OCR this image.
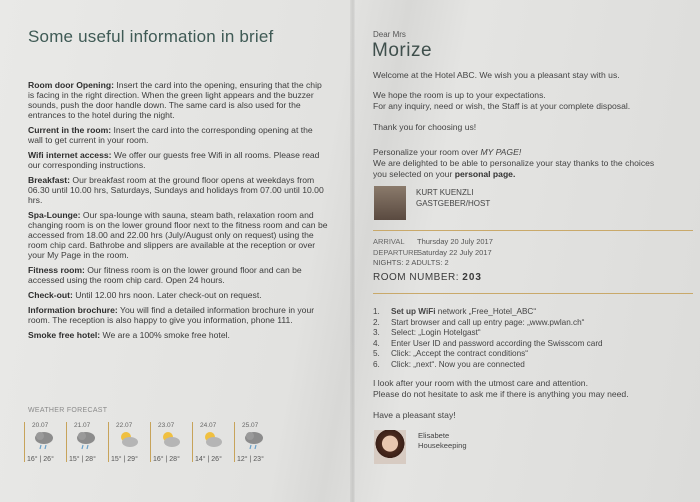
Some useful information in brief
Room door Opening: Insert the card into the opening, ensuring that the chip is facing in the right direction. When the green light appears and the buzzer sounds, push the door handle down. The same card is also used for the entrances to the hotel during the night.
Current in the room: Insert the card into the corresponding opening at the wall to get current in your room.
Wifi internet access: We offer our guests free Wifi in all rooms. Please read our corresponding instructions.
Breakfast: Our breakfast room at the ground floor opens at weekdays from 06.30 until 10.00 hrs, Saturdays, Sundays and holidays from 07.00 until 10.00 hrs.
Spa-Lounge: Our spa-lounge with sauna, steam bath, relaxation room and changing room is on the lower ground floor next to the fitness room and can be accessed from 18.00 and 22.00 hrs (July/August only on request) using the room chip card. Bathrobe and slippers are available at the reception or over your My Page in the room.
Fitness room: Our fitness room is on the lower ground floor and can be accessed using the room chip card. Open 24 hours.
Check-out: Until 12.00 hrs noon. Later check-out on request.
Information brochure: You will find a detailed information brochure in your room. The reception is also happy to give you information, phone 111.
Smoke free hotel: We are a 100% smoke free hotel.
WEATHER FORECAST
20.07
16° | 26°
21.07
15° | 28°
22.07
15° | 29°
23.07
16° | 28°
24.07
14° | 26°
25.07
12° | 23°
Dear Mrs
Morize
Welcome at the Hotel ABC. We wish you a pleasant stay with us.
We hope the room is up to your expectations.
For any inquiry, need or wish, the Staff is at your complete disposal.
Thank you for choosing us!
Personalize your room over MY PAGE!
We are delighted to be able to personalize your stay thanks to the choices
you selected on your personal page.
KURT KUENZLI
GASTGEBER/HOST
ARRIVAL Thursday 20 July 2017
DEPARTURESaturday 22 July 2017
NIGHTS: 2 ADULTS: 2
ROOM NUMBER: 203
1. Set up WiFi network „Free_Hotel_ABC“
2. Start browser and call up entry page: „www.pwlan.ch“
3. Select: „Login Hotelgast“
4. Enter User ID and password according the Swisscom card
5. Click: „Accept the contract conditions“
6. Click: „next“. Now you are connected
I look after your room with the utmost care and attention.
Please do not hesitate to ask me if there is anything you may need.
Have a pleasant stay!
Elisabete
Housekeeping
